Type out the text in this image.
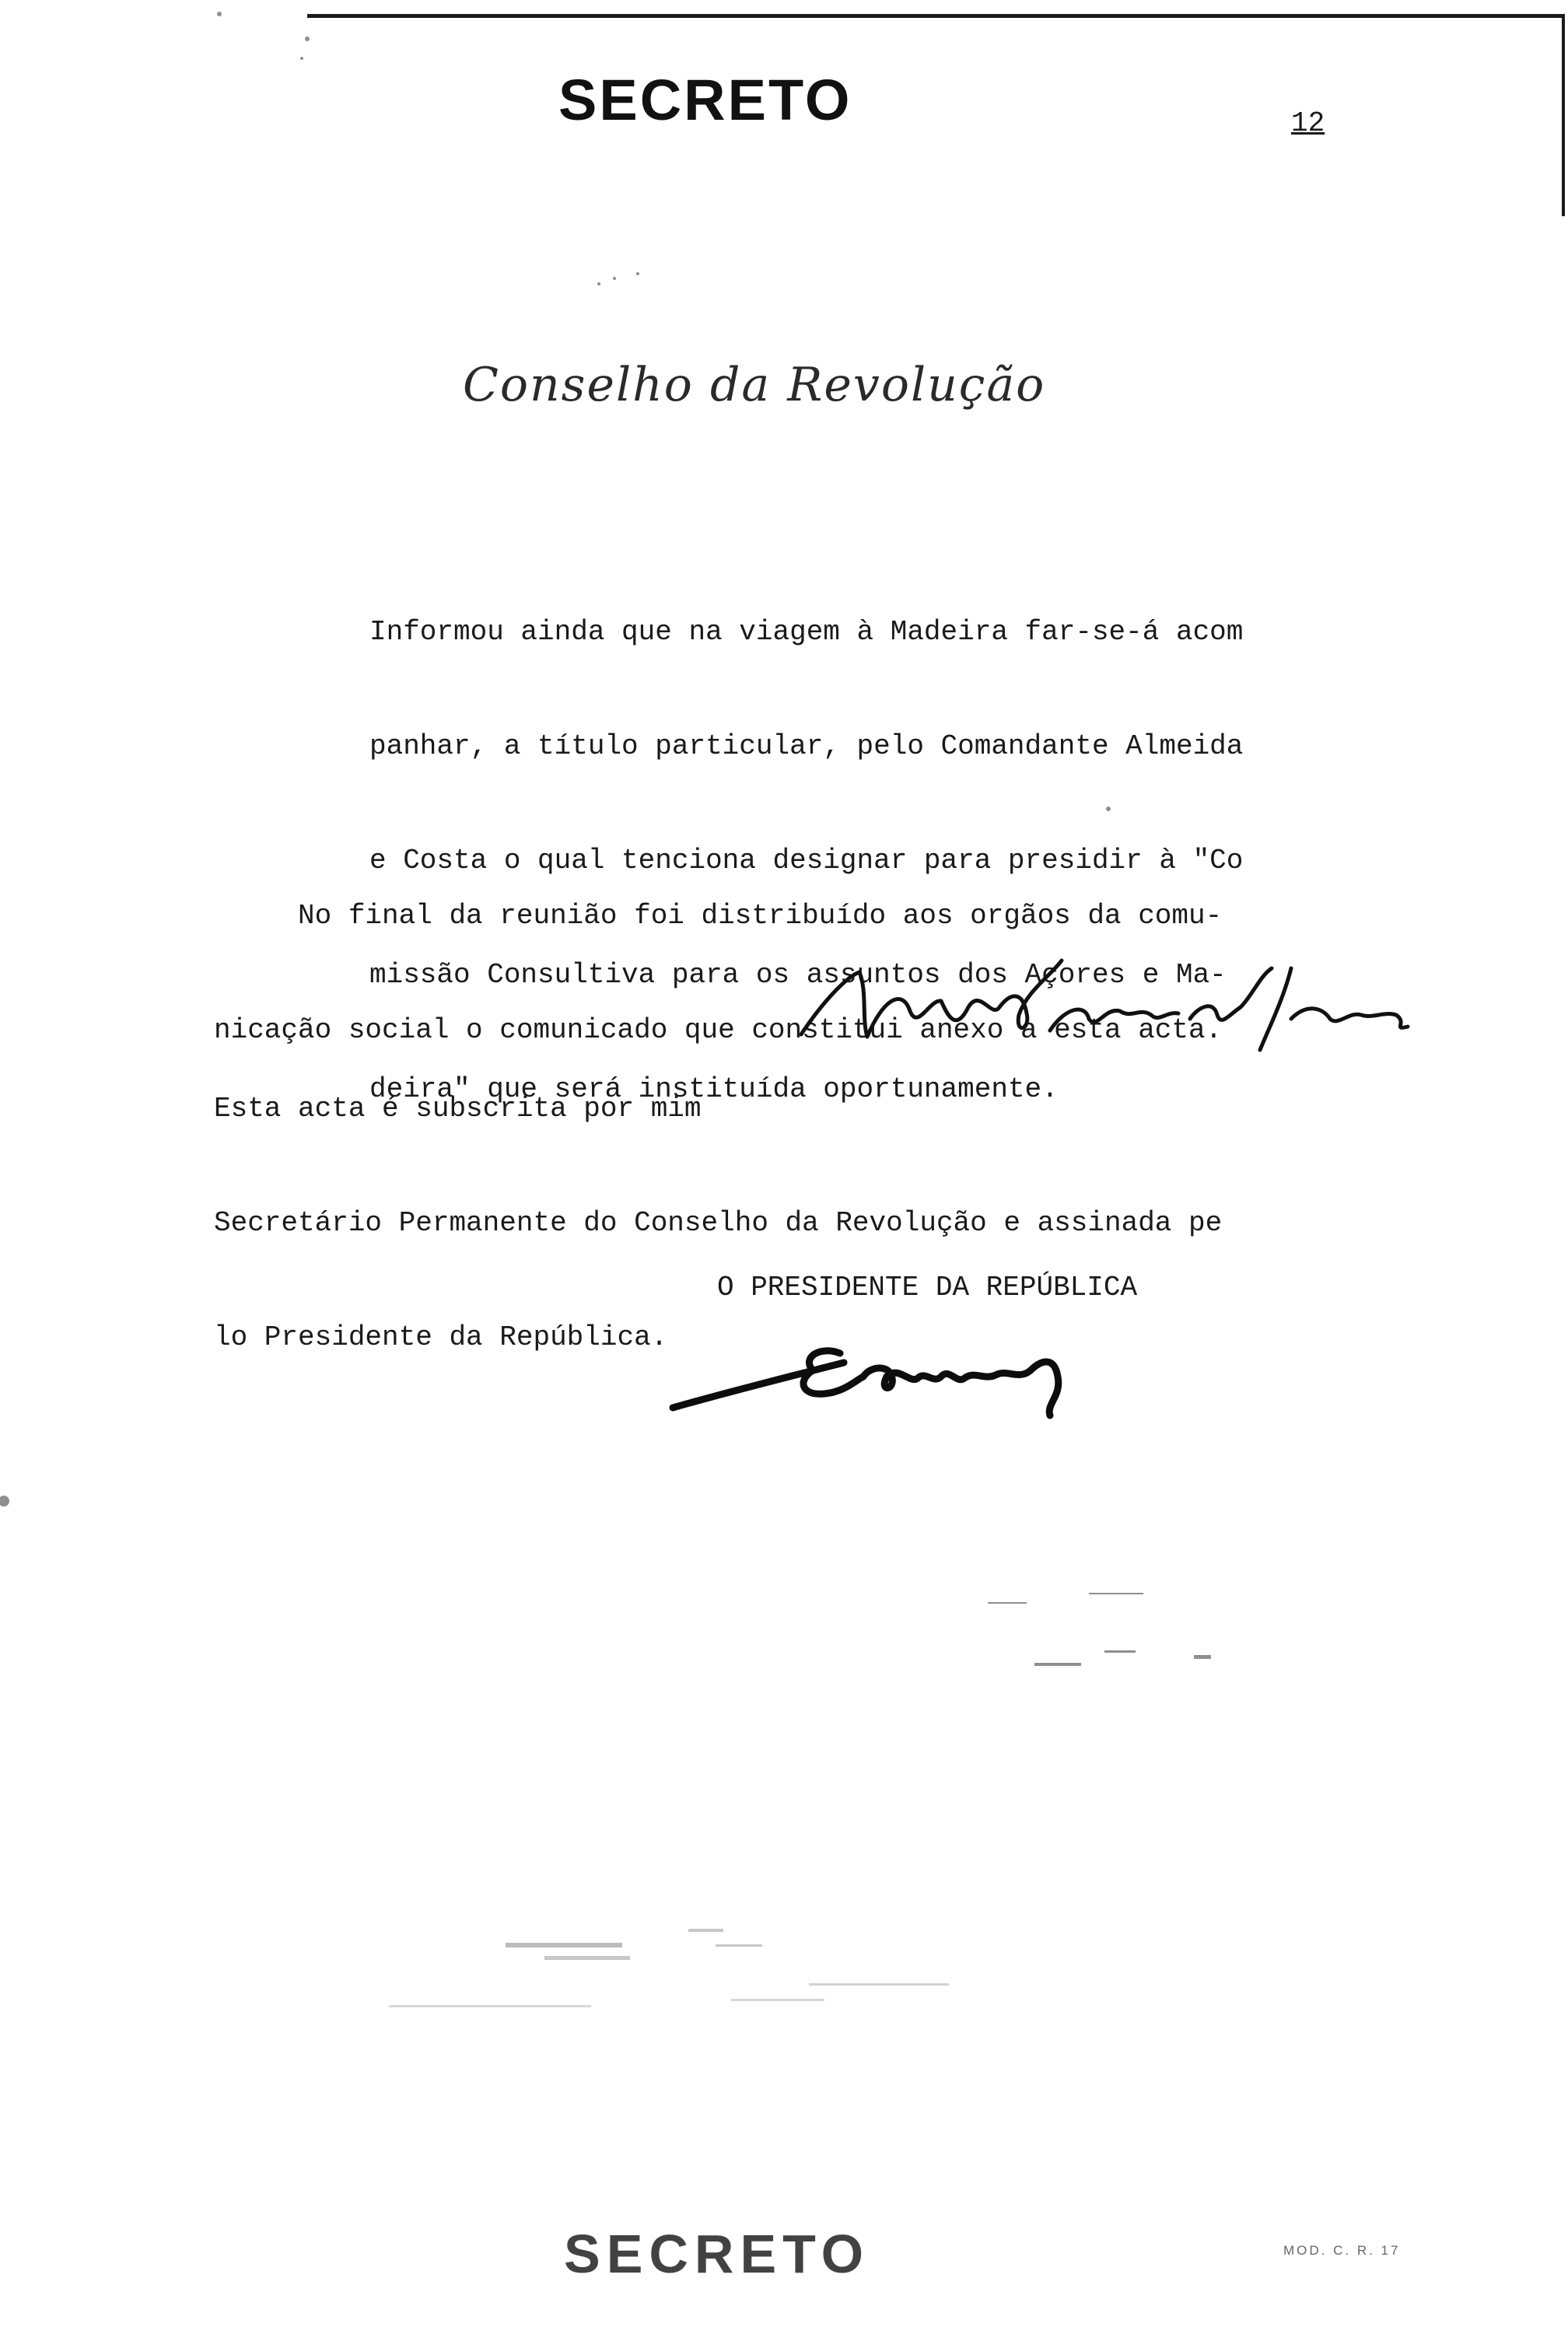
SECRETO	12
Conselho da Revolução

Informou ainda que na viagem à Madeira far-se-á acom

panhar, a título particular, pelo Comandante Almeida

e Costa o qual tenciona designar para presidir à "Co

missão Consultiva para os assuntos dos Açores e Ma-

deira" que será instituída oportunamente.

No final da reunião foi distribuído aos orgãos da comu-

nicação social o comunicado que constitui anexo a esta acta.

Esta acta é subscrita por mim

Secretário Permanente do Conselho da Revolução e assinada pe

lo Presidente da República.

O PRESIDENTE DA REPÚBLICA
SECRETO	MOD. C. R. 17
